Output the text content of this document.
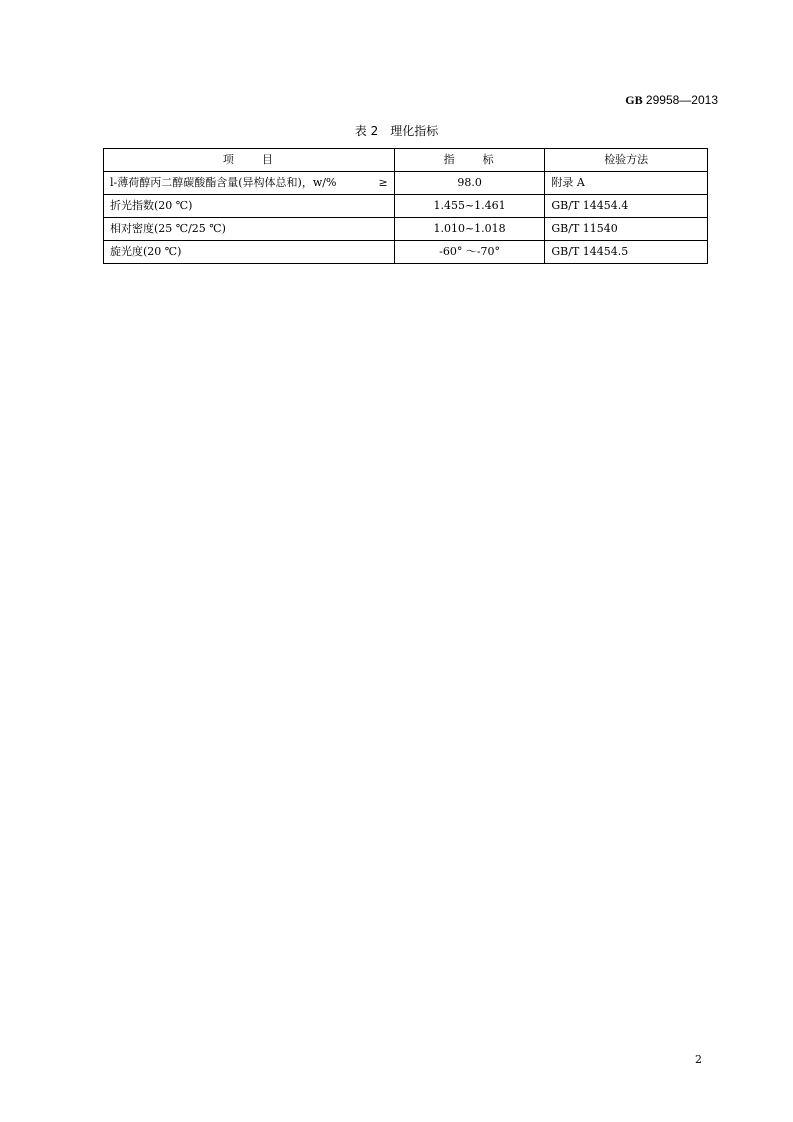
GB 29958—2013
表 2 理化指标
项　　目	指　　标	检验方法

l-薄荷醇丙二醇碳酸酯含量(异构体总和)，w/% ≥	98.0	附录 A

折光指数(20 ℃)	1.455~1.461	GB/T 14454.4

相对密度(25 ℃/25 ℃)	1.010~1.018	GB/T 11540

旋光度(20 ℃)	-60° ～-70°	GB/T 14454.5
2
